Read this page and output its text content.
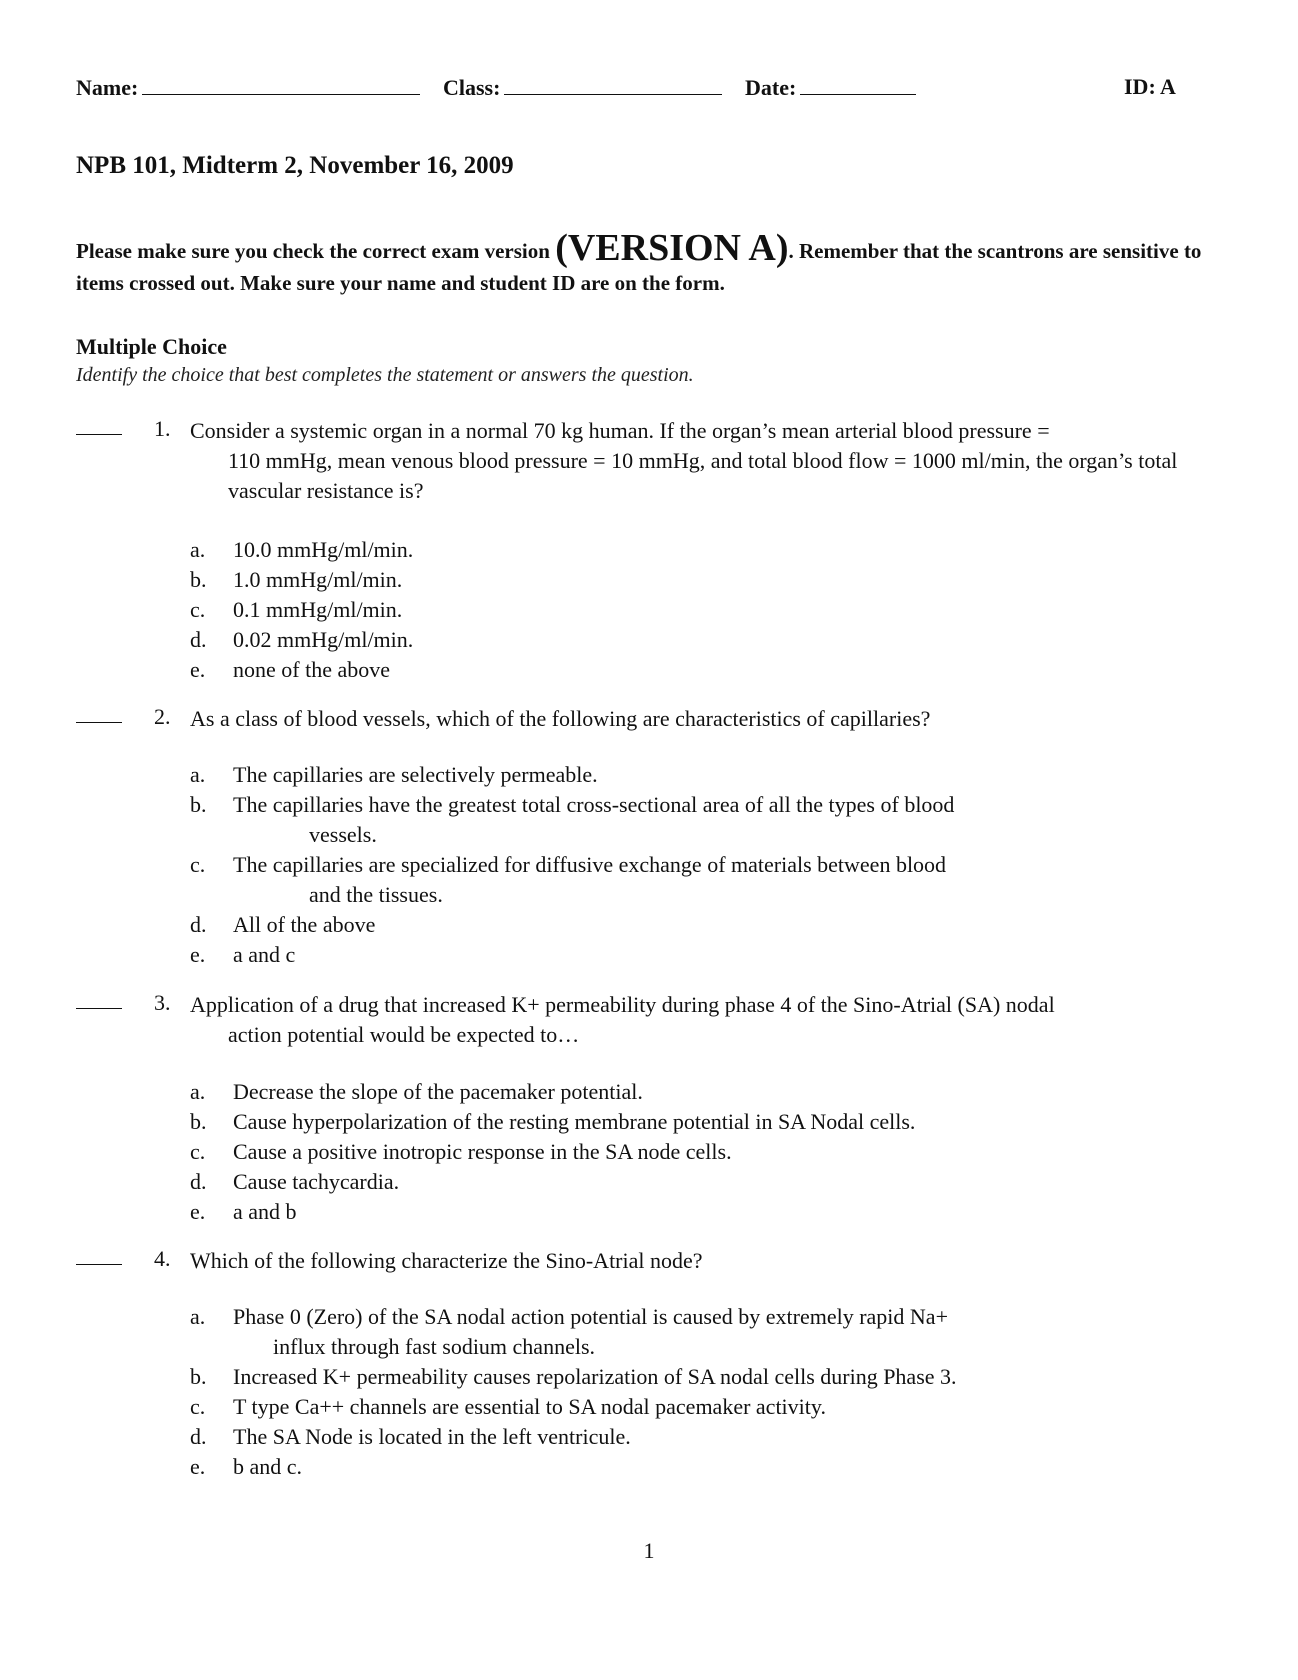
Name:	Class:	Date:	ID: A
NPB 101, Midterm 2, November 16, 2009
Please make sure you check the correct exam version (VERSION A). Remember that the scantrons are sensitive to items crossed out. Make sure your name and student ID are on the form.
Multiple Choice
Identify the choice that best completes the statement or answers the question.
1. Consider a systemic organ in a normal 70 kg human. If the organ’s mean arterial blood pressure =
110 mmHg, mean venous blood pressure = 10 mmHg, and total blood flow = 1000 ml/min, the organ’s total vascular resistance is?
a. 10.0 mmHg/ml/min.
b. 1.0 mmHg/ml/min.
c. 0.1 mmHg/ml/min.
d. 0.02 mmHg/ml/min.
e. none of the above
2. As a class of blood vessels, which of the following are characteristics of capillaries?
a. The capillaries are selectively permeable.
b. The capillaries have the greatest total cross-sectional area of all the types of blood
vessels.
c. The capillaries are specialized for diffusive exchange of materials between blood
and the tissues.
d. All of the above
e. a and c
3. Application of a drug that increased K+ permeability during phase 4 of the Sino-Atrial (SA) nodal
action potential would be expected to…
a. Decrease the slope of the pacemaker potential.
b. Cause hyperpolarization of the resting membrane potential in SA Nodal cells.
c. Cause a positive inotropic response in the SA node cells.
d. Cause tachycardia.
e. a and b
4. Which of the following characterize the Sino-Atrial node?
a. Phase 0 (Zero) of the SA nodal action potential is caused by extremely rapid Na+
influx through fast sodium channels.
b. Increased K+ permeability causes repolarization of SA nodal cells during Phase 3.
c. T type Ca++ channels are essential to SA nodal pacemaker activity.
d. The SA Node is located in the left ventricule.
e. b and c.
1
